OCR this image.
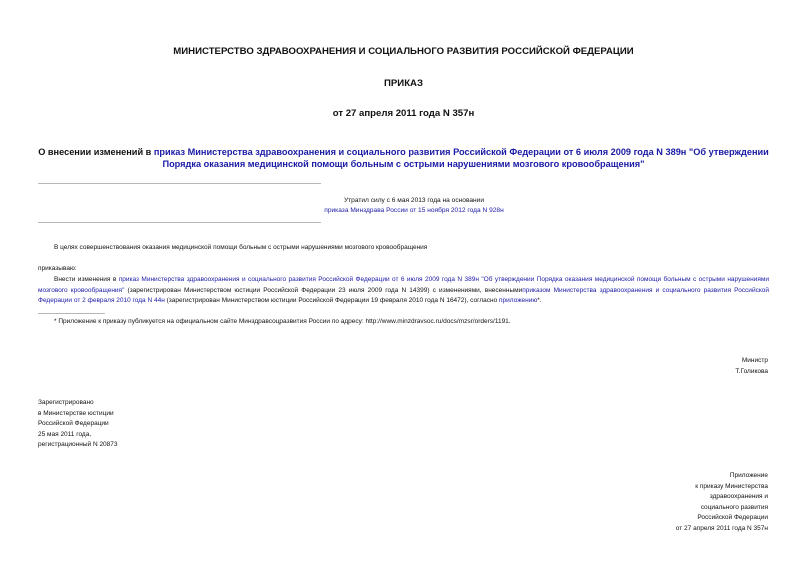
МИНИСТЕРСТВО ЗДРАВООХРАНЕНИЯ И СОЦИАЛЬНОГО РАЗВИТИЯ РОССИЙСКОЙ ФЕДЕРАЦИИ
ПРИКАЗ
от 27 апреля 2011 года N 357н
О внесении изменений в приказ Министерства здравоохранения и социального развития Российской Федерации от 6 июля 2009 года N 389н "Об утверждении Порядка оказания медицинской помощи больным с острыми нарушениями мозгового кровообращения"
Утратил силу с 6 мая 2013 года на основании
приказа Минздрава России от 15 ноября 2012 года N 928н
В целях совершенствования оказания медицинской помощи больным с острыми нарушениями мозгового кровообращения
приказываю:
Внести изменения в приказ Министерства здравоохранения и социального развития Российской Федерации от 6 июля 2009 года N 389н "Об утверждении Порядка оказания медицинской помощи больным с острыми нарушениями мозгового кровообращения" (зарегистрирован Министерством юстиции Российской Федерации 23 июля 2009 года N 14399) с изменениями, внесеннымиприказом Министерства здравоохранения и социального развития Российской Федерации от 2 февраля 2010 года N 44н (зарегистрирован Министерством юстиции Российской Федерации 19 февраля 2010 года N 16472), согласно приложению*.
* Приложение к приказу публикуется на официальном сайте Минздравсоцразвития России по адресу: http://www.minzdravsoc.ru/docs/mzsr/orders/1191.
Министр
Т.Голикова
Зарегистрировано
в Министерстве юстиции
Российской Федерации
25 мая 2011 года,
регистрационный N 20873
Приложение
к приказу Министерства
здравоохранения и
социального развития
Российской Федерации
от 27 апреля 2011 года N 357н
